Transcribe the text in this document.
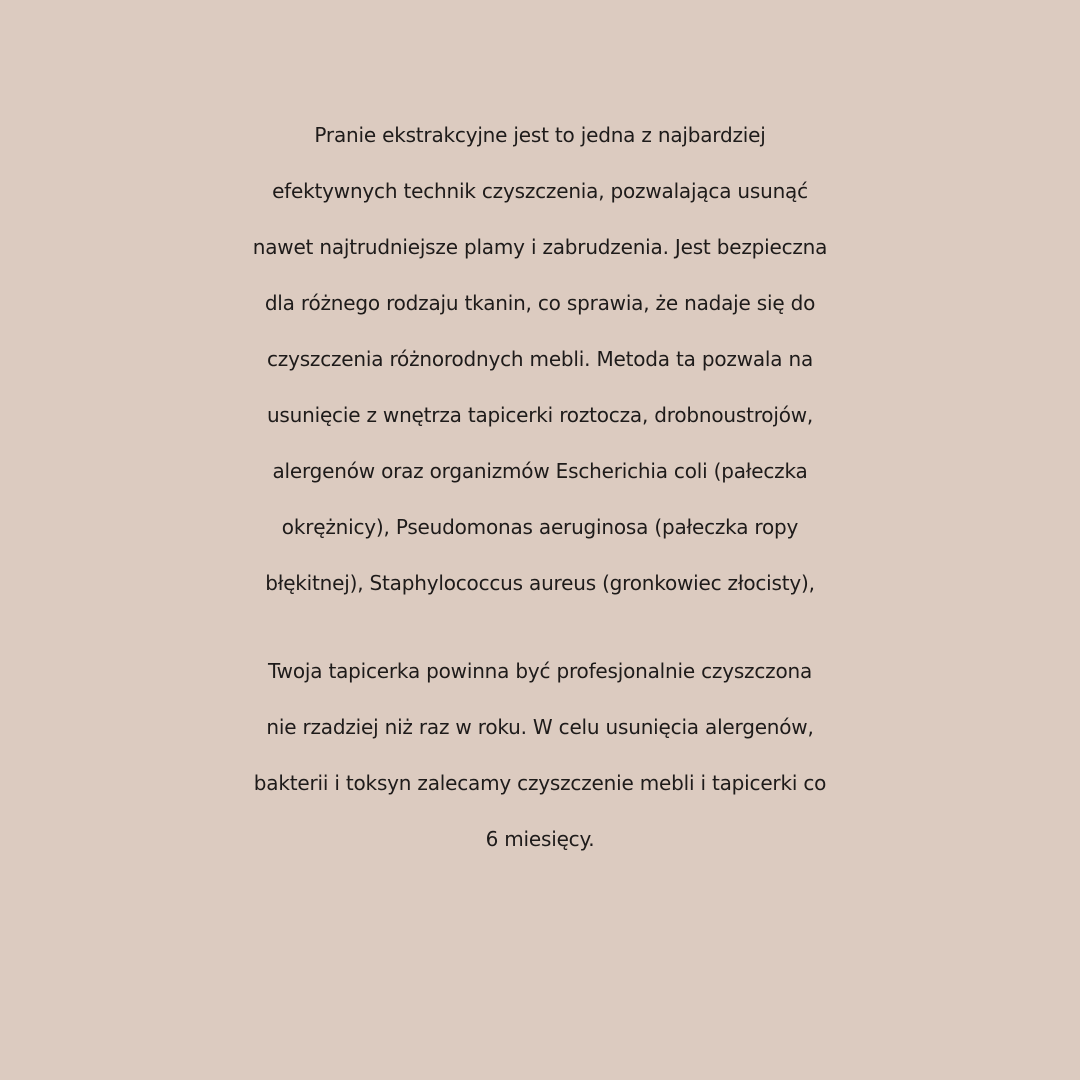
Pranie ekstrakcyjne jest to jedna z najbardziej
efektywnych technik czyszczenia, pozwalająca usunąć
nawet najtrudniejsze plamy i zabrudzenia. Jest bezpieczna
dla różnego rodzaju tkanin, co sprawia, że nadaje się do
czyszczenia różnorodnych mebli. Metoda ta pozwala na
usunięcie z wnętrza tapicerki roztocza, drobnoustrojów,
alergenów oraz organizmów Escherichia coli (pałeczka
okrężnicy), Pseudomonas aeruginosa (pałeczka ropy
błękitnej), Staphylococcus aureus (gronkowiec złocisty),
Twoja tapicerka powinna być profesjonalnie czyszczona
nie rzadziej niż raz w roku. W celu usunięcia alergenów,
bakterii i toksyn zalecamy czyszczenie mebli i tapicerki co
6 miesięcy.
